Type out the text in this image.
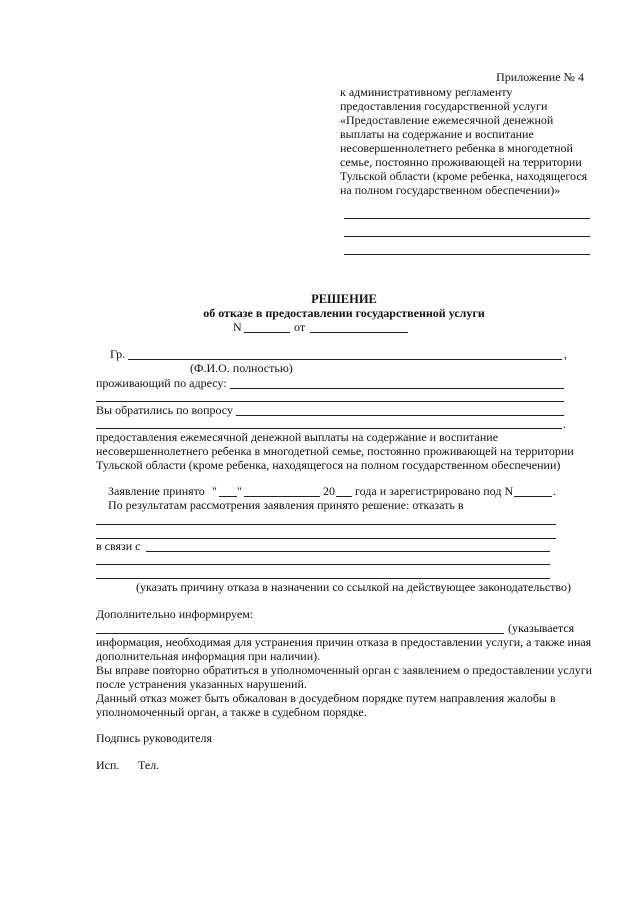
Приложение № 4
к административному регламенту
предоставления государственной услуги
«Предоставление ежемесячной денежной
выплаты на содержание и воспитание
несовершеннолетнего ребенка в многодетной
семье, постоянно проживающей на территории
Тульской области (кроме ребенка, находящегося
на полном государственном обеспечении)»
РЕШЕНИЕ
об отказе в предоставлении государственной услуги
N	от
Гр.	,
(Ф.И.О. полностью)
проживающий по адресу:
Вы обратились по вопросу
.
предоставления ежемесячной денежной выплаты на содержание и воспитание
несовершеннолетнего ребенка в многодетной семье, постоянно проживающей на территории
Тульской области (кроме ребенка, находящегося на полном государственном обеспечении)
Заявление принято " "	20 года и зарегистрировано под N	.
По результатам рассмотрения заявления принято решение: отказать в
в связи с
(указать причину отказа в назначении со ссылкой на действующее законодательство)
Дополнительно информируем:
(указывается
информация, необходимая для устранения причин отказа в предоставлении услуги, а также иная
дополнительная информация при наличии).
Вы вправе повторно обратиться в уполномоченный орган с заявлением о предоставлении услуги
после устранения указанных нарушений.
Данный отказ может быть обжалован в досудебном порядке путем направления жалобы в
уполномоченный орган, а также в судебном порядке.
Подпись руководителя
Исп. Тел.
